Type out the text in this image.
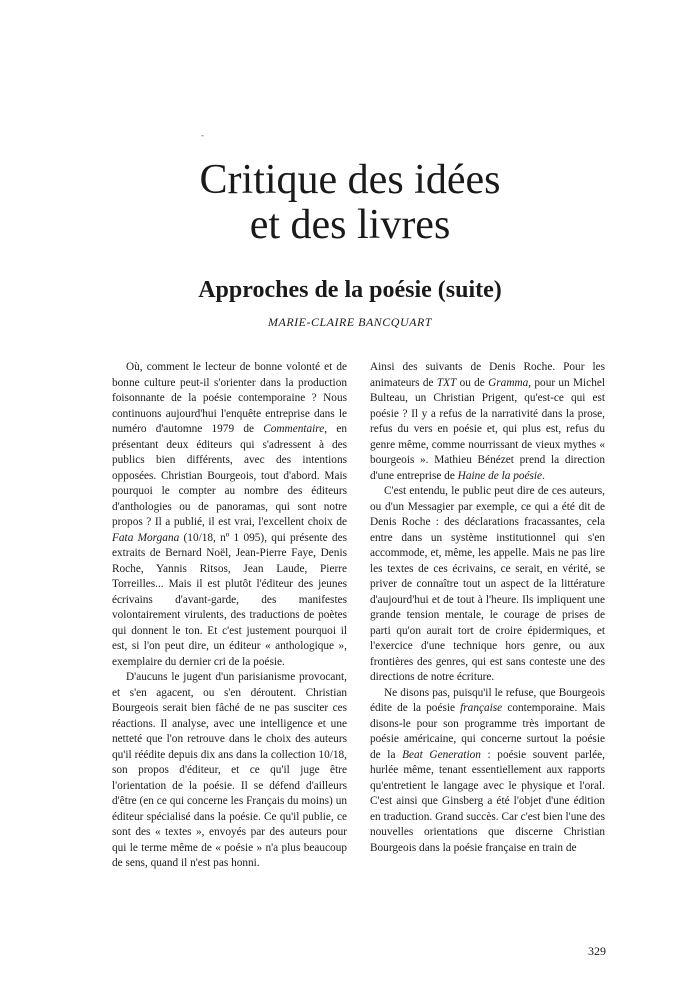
-
Critique des idées
et des livres
Approches de la poésie (suite)
MARIE-CLAIRE BANCQUART

Où, comment le lecteur de bonne volonté et de bonne culture peut-il s'orienter dans la production foisonnante de la poésie contemporaine ? Nous continuons aujourd'hui l'enquête entreprise dans le numéro d'automne 1979 de Commentaire, en présentant deux éditeurs qui s'adressent à des publics bien différents, avec des intentions opposées. Christian Bourgeois, tout d'abord. Mais pourquoi le compter au nombre des éditeurs d'anthologies ou de panoramas, qui sont notre propos ? Il a publié, il est vrai, l'excellent choix de Fata Morgana (10/18, nº 1 095), qui présente des extraits de Bernard Noël, Jean-Pierre Faye, Denis Roche, Yannis Ritsos, Jean Laude, Pierre Torreilles... Mais il est plutôt l'éditeur des jeunes écrivains d'avant-garde, des manifestes volontairement virulents, des traductions de poètes qui donnent le ton. Et c'est justement pourquoi il est, si l'on peut dire, un éditeur « anthologique », exemplaire du dernier cri de la poésie.

D'aucuns le jugent d'un parisianisme provocant, et s'en agacent, ou s'en déroutent. Christian Bourgeois serait bien fâché de ne pas susciter ces réactions. Il analyse, avec une intelligence et une netteté que l'on retrouve dans le choix des auteurs qu'il réédite depuis dix ans dans la collection 10/18, son propos d'éditeur, et ce qu'il juge être l'orientation de la poésie. Il se défend d'ailleurs d'être (en ce qui concerne les Français du moins) un éditeur spécialisé dans la poésie. Ce qu'il publie, ce sont des « textes », envoyés par des auteurs pour qui le terme même de « poésie » n'a plus beaucoup de sens, quand il n'est pas honni.

Ainsi des suivants de Denis Roche. Pour les animateurs de TXT ou de Gramma, pour un Michel Bulteau, un Christian Prigent, qu'est-ce qui est poésie ? Il y a refus de la narrativité dans la prose, refus du vers en poésie et, qui plus est, refus du genre même, comme nourrissant de vieux mythes « bourgeois ». Mathieu Bénézet prend la direction d'une entreprise de Haine de la poésie.

C'est entendu, le public peut dire de ces auteurs, ou d'un Messagier par exemple, ce qui a été dit de Denis Roche : des déclarations fracassantes, cela entre dans un système institutionnel qui s'en accommode, et, même, les appelle. Mais ne pas lire les textes de ces écrivains, ce serait, en vérité, se priver de connaître tout un aspect de la littérature d'aujourd'hui et de tout à l'heure. Ils impliquent une grande tension mentale, le courage de prises de parti qu'on aurait tort de croire épidermiques, et l'exercice d'une technique hors genre, ou aux frontières des genres, qui est sans conteste une des directions de notre écriture.

Ne disons pas, puisqu'il le refuse, que Bourgeois édite de la poésie française contemporaine. Mais disons-le pour son programme très important de poésie américaine, qui concerne surtout la poésie de la Beat Generation : poésie souvent parlée, hurlée même, tenant essentiellement aux rapports qu'entretient le langage avec le physique et l'oral. C'est ainsi que Ginsberg a été l'objet d'une édition en traduction. Grand succès. Car c'est bien l'une des nouvelles orientations que discerne Christian Bourgeois dans la poésie française en train de

329
